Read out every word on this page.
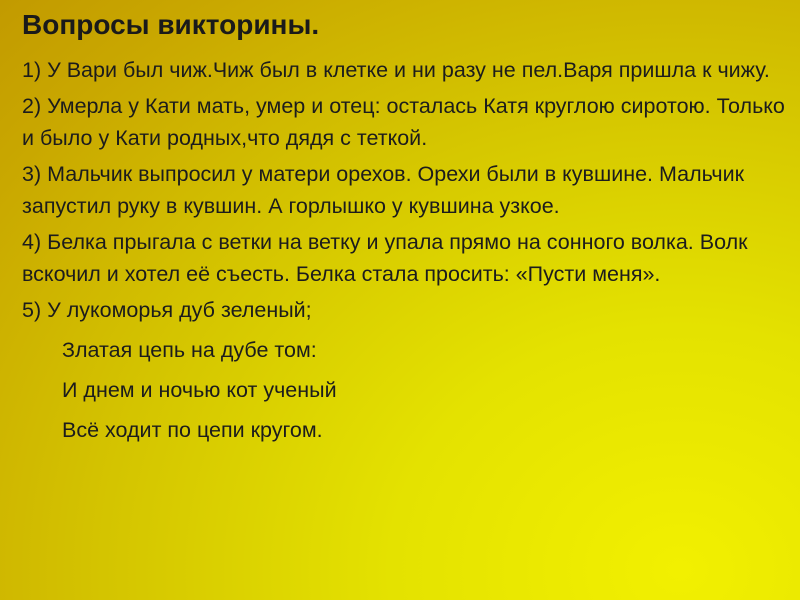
Вопросы викторины.
1) У Вари был чиж.Чиж был в клетке и ни разу не пел.Варя пришла к чижу.
2) Умерла у Кати мать, умер и отец: осталась Катя круглою сиротою. Только и было у Кати родных,что дядя с теткой.
3) Мальчик выпросил у матери орехов. Орехи были в кувшине. Мальчик запустил руку в кувшин. А горлышко у кувшина узкое.
4) Белка прыгала с ветки на ветку и упала прямо на сонного волка. Волк вскочил и хотел её съесть. Белка стала просить: «Пусти меня».
5) У лукоморья дуб зеленый;
Златая цепь на дубе том:
И днем и ночью кот ученый
Всё ходит по цепи кругом.
